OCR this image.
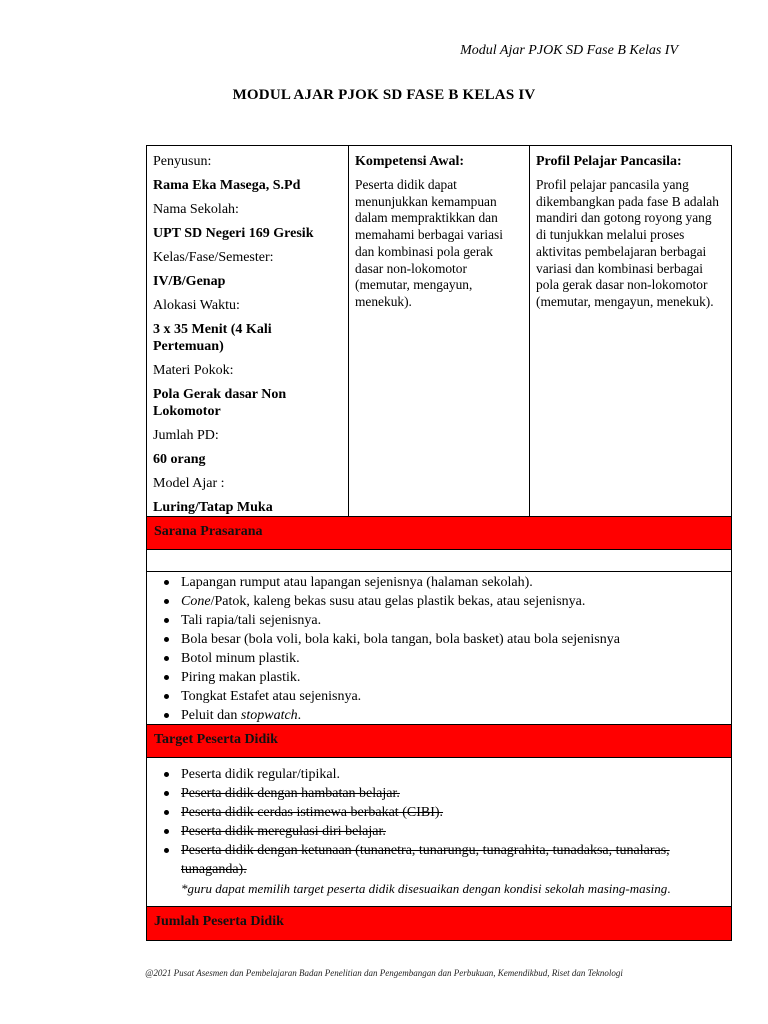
Modul Ajar PJOK SD Fase B Kelas IV
MODUL AJAR PJOK SD FASE B KELAS IV
Penyusun:
Rama Eka Masega, S.Pd
Nama Sekolah:
UPT SD Negeri 169 Gresik
Kelas/Fase/Semester:
IV/B/Genap
Alokasi Waktu:
3 x 35 Menit (4 Kali Pertemuan)
Materi Pokok:
Pola Gerak dasar Non Lokomotor
Jumlah PD:
60 orang
Model Ajar :
Luring/Tatap Muka
Kompetensi Awal:
Peserta didik dapat menunjukkan kemampuan dalam mempraktikkan dan memahami berbagai variasi dan kombinasi pola gerak dasar non-lokomotor (memutar, mengayun, menekuk).
Profil Pelajar Pancasila:
Profil pelajar pancasila yang dikembangkan pada fase B adalah mandiri dan gotong royong yang di tunjukkan melalui proses aktivitas pembelajaran berbagai variasi dan kombinasi berbagai pola gerak dasar non-lokomotor (memutar, mengayun, menekuk).
Sarana Prasarana
Lapangan rumput atau lapangan sejenisnya (halaman sekolah).
Cone/Patok, kaleng bekas susu atau gelas plastik bekas, atau sejenisnya.
Tali rapia/tali sejenisnya.
Bola besar (bola voli, bola kaki, bola tangan, bola basket) atau bola sejenisnya
Botol minum plastik.
Piring makan plastik.
Tongkat Estafet atau sejenisnya.
Peluit dan stopwatch.
Target Peserta Didik
Peserta didik regular/tipikal.
Peserta didik dengan hambatan belajar.
Peserta didik cerdas istimewa berbakat (CIBI).
Peserta didik meregulasi diri belajar.
Peserta didik dengan ketunaan (tunanetra, tunarungu, tunagrahita, tunadaksa, tunalaras, tunaganda).
*guru dapat memilih target peserta didik disesuaikan dengan kondisi sekolah masing-masing.
Jumlah Peserta Didik
@2021 Pusat Asesmen dan Pembelajaran Badan Penelitian dan Pengembangan dan Perbukuan, Kemendikbud, Riset dan Teknologi
